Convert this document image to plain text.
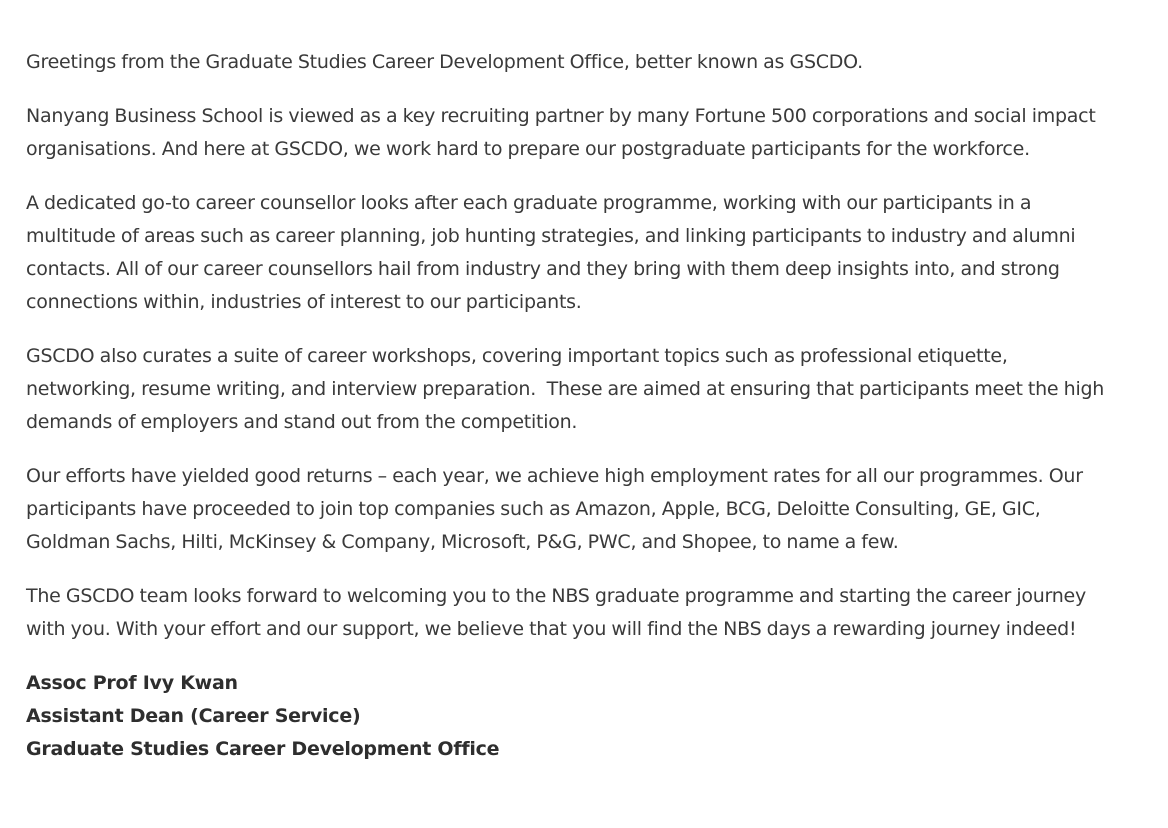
Greetings from the Graduate Studies Career Development Office, better known as GSCDO.

Nanyang Business School is viewed as a key recruiting partner by many Fortune 500 corporations and social impact organisations. And here at GSCDO, we work hard to prepare our postgraduate participants for the workforce.

A dedicated go-to career counsellor looks after each graduate programme, working with our participants in a multitude of areas such as career planning, job hunting strategies, and linking participants to industry and alumni contacts. All of our career counsellors hail from industry and they bring with them deep insights into, and strong connections within, industries of interest to our participants.

GSCDO also curates a suite of career workshops, covering important topics such as professional etiquette, networking, resume writing, and interview preparation.  These are aimed at ensuring that participants meet the high demands of employers and stand out from the competition.

Our efforts have yielded good returns – each year, we achieve high employment rates for all our programmes. Our participants have proceeded to join top companies such as Amazon, Apple, BCG, Deloitte Consulting, GE, GIC, Goldman Sachs, Hilti, McKinsey & Company, Microsoft, P&G, PWC, and Shopee, to name a few.

The GSCDO team looks forward to welcoming you to the NBS graduate programme and starting the career journey with you. With your effort and our support, we believe that you will find the NBS days a rewarding journey indeed!

Assoc Prof Ivy Kwan
Assistant Dean (Career Service)
Graduate Studies Career Development Office
